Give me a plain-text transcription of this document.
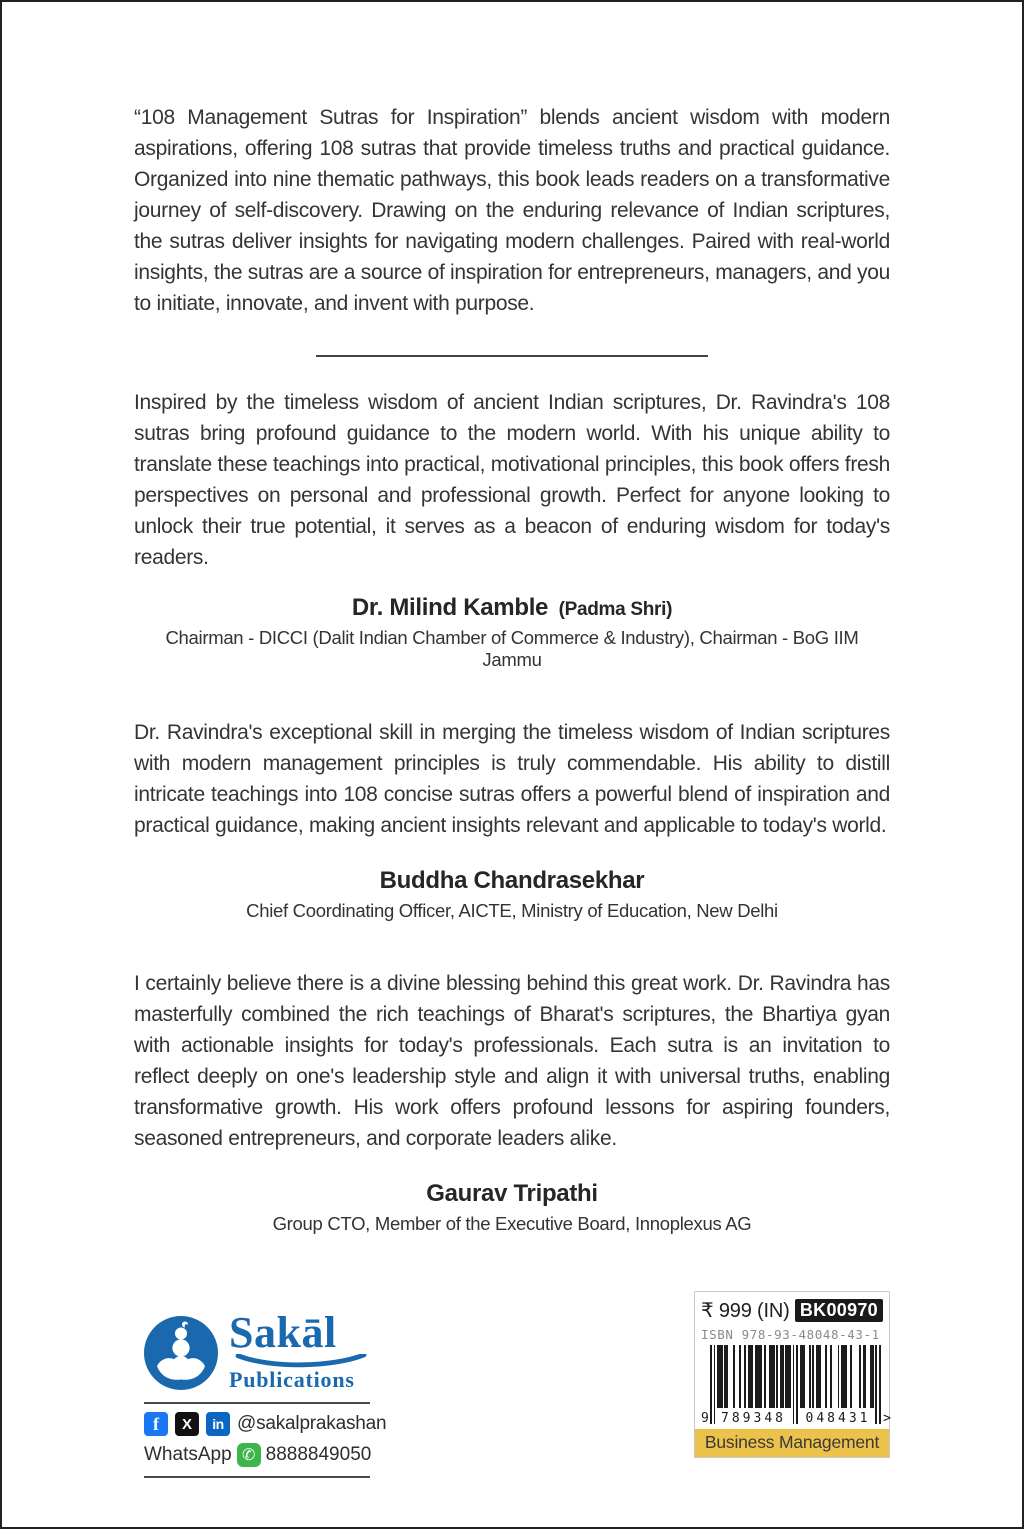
“108 Management Sutras for Inspiration” blends ancient wisdom with modern aspirations, offering 108 sutras that provide timeless truths and practical guidance. Organized into nine thematic pathways, this book leads readers on a transformative journey of self-discovery. Drawing on the enduring relevance of Indian scriptures, the sutras deliver insights for navigating modern challenges. Paired with real-world insights, the sutras are a source of inspiration for entrepreneurs, managers, and you to initiate, innovate, and invent with purpose.

Inspired by the timeless wisdom of ancient Indian scriptures, Dr. Ravindra's 108 sutras bring profound guidance to the modern world. With his unique ability to translate these teachings into practical, motivational principles, this book offers fresh perspectives on personal and professional growth. Perfect for anyone looking to unlock their true potential, it serves as a beacon of enduring wisdom for today's readers.

Dr. Milind Kamble (Padma Shri)
Chairman - DICCI (Dalit Indian Chamber of Commerce & Industry), Chairman - BoG IIM Jammu

Dr. Ravindra's exceptional skill in merging the timeless wisdom of Indian scriptures with modern management principles is truly commendable. His ability to distill intricate teachings into 108 concise sutras offers a powerful blend of inspiration and practical guidance, making ancient insights relevant and applicable to today's world.

Buddha Chandrasekhar
Chief Coordinating Officer, AICTE, Ministry of Education, New Delhi

I certainly believe there is a divine blessing behind this great work. Dr. Ravindra has masterfully combined the rich teachings of Bharat's scriptures, the Bhartiya gyan with actionable insights for today's professionals. Each sutra is an invitation to reflect deeply on one's leadership style and align it with universal truths, enabling transformative growth. His work offers profound lessons for aspiring founders, seasoned entrepreneurs, and corporate leaders alike.

Gaurav Tripathi
Group CTO, Member of the Executive Board, Innoplexus AG
Sakāl
Publications
f	X	in @sakalprakashan
WhatsApp ✆ 8888849050
₹ 999 (IN) BK00970
ISBN 978-93-48048-43-1
9 789348	048431 >
Business Management
